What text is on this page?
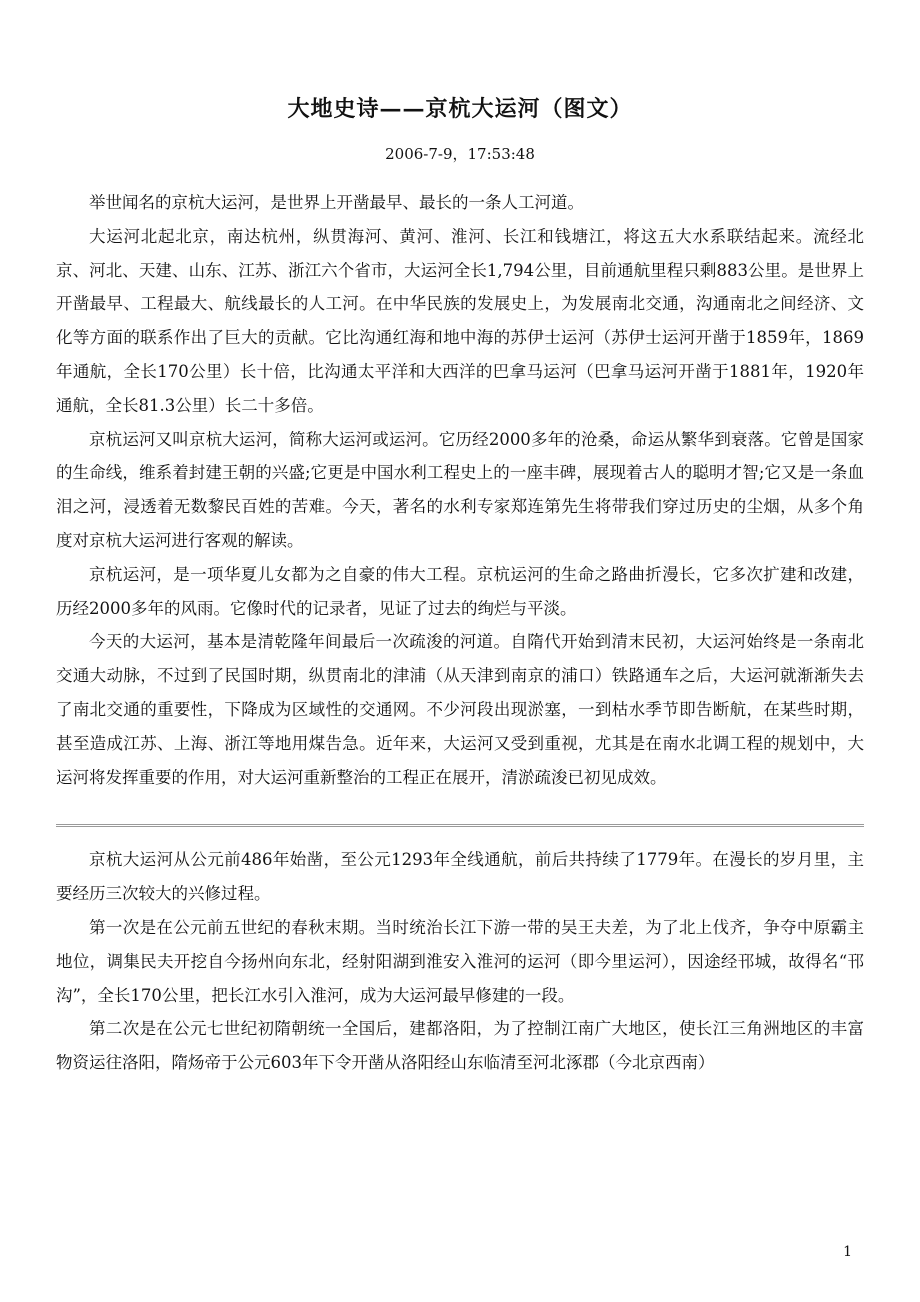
大地史诗——京杭大运河（图文）
2006-7-9，17:53:48

举世闻名的京杭大运河，是世界上开凿最早、最长的一条人工河道。

大运河北起北京，南达杭州，纵贯海河、黄河、淮河、长江和钱塘江，将这五大水系联结起来。流经北京、河北、天建、山东、江苏、浙江六个省市，大运河全长1,794公里，目前通航里程只剩883公里。是世界上开凿最早、工程最大、航线最长的人工河。在中华民族的发展史上，为发展南北交通，沟通南北之间经济、文化等方面的联系作出了巨大的贡献。它比沟通红海和地中海的苏伊士运河（苏伊士运河开凿于1859年，1869年通航，全长170公里）长十倍，比沟通太平洋和大西洋的巴拿马运河（巴拿马运河开凿于1881年，1920年通航，全长81.3公里）长二十多倍。

京杭运河又叫京杭大运河，简称大运河或运河。它历经2000多年的沧桑，命运从繁华到衰落。它曾是国家的生命线，维系着封建王朝的兴盛;它更是中国水利工程史上的一座丰碑，展现着古人的聪明才智;它又是一条血泪之河，浸透着无数黎民百姓的苦难。今天，著名的水利专家郑连第先生将带我们穿过历史的尘烟，从多个角度对京杭大运河进行客观的解读。

京杭运河，是一项华夏儿女都为之自豪的伟大工程。京杭运河的生命之路曲折漫长，它多次扩建和改建，历经2000多年的风雨。它像时代的记录者，见证了过去的绚烂与平淡。

今天的大运河，基本是清乾隆年间最后一次疏浚的河道。自隋代开始到清末民初，大运河始终是一条南北交通大动脉，不过到了民国时期，纵贯南北的津浦（从天津到南京的浦口）铁路通车之后，大运河就渐渐失去了南北交通的重要性，下降成为区域性的交通网。不少河段出现淤塞，一到枯水季节即告断航，在某些时期，甚至造成江苏、上海、浙江等地用煤告急。近年来，大运河又受到重视，尤其是在南水北调工程的规划中，大运河将发挥重要的作用，对大运河重新整治的工程正在展开，清淤疏浚已初见成效。

京杭大运河从公元前486年始凿，至公元1293年全线通航，前后共持续了1779年。在漫长的岁月里，主要经历三次较大的兴修过程。

第一次是在公元前五世纪的春秋末期。当时统治长江下游一带的吴王夫差，为了北上伐齐，争夺中原霸主地位，调集民夫开挖自今扬州向东北，经射阳湖到淮安入淮河的运河（即今里运河），因途经邗城，故得名“邗沟”，全长170公里，把长江水引入淮河，成为大运河最早修建的一段。

第二次是在公元七世纪初隋朝统一全国后，建都洛阳，为了控制江南广大地区，使长江三角洲地区的丰富物资运往洛阳，隋炀帝于公元603年下令开凿从洛阳经山东临清至河北涿郡（今北京西南）

1
